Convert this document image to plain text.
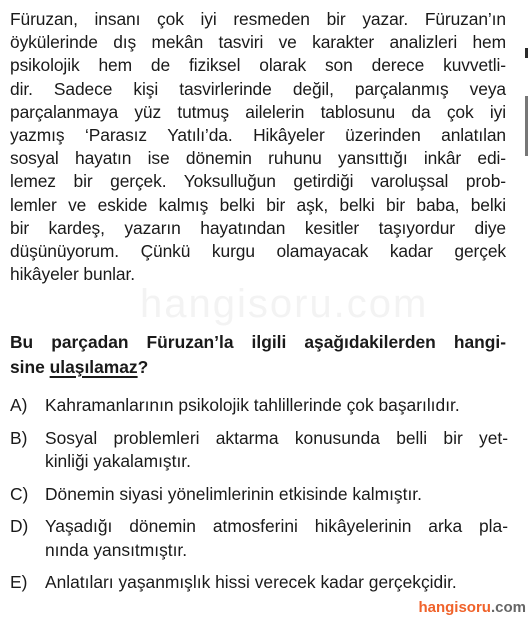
hangisoru.com
Füruzan, insanı çok iyi resmeden bir yazar. Füruzan’ın
öykülerinde dış mekân tasviri ve karakter analizleri hem
psikolojik hem de fiziksel olarak son derece kuvvetli-
dir. Sadece kişi tasvirlerinde değil, parçalanmış veya
parçalanmaya yüz tutmuş ailelerin tablosunu da çok iyi
yazmış ‘Parasız Yatılı’da. Hikâyeler üzerinden anlatılan
sosyal hayatın ise dönemin ruhunu yansıttığı inkâr edi-
lemez bir gerçek. Yoksulluğun getirdiği varoluşsal prob-
lemler ve eskide kalmış belki bir aşk, belki bir baba, belki
bir kardeş, yazarın hayatından kesitler taşıyordur diye
düşünüyorum. Çünkü kurgu olamayacak kadar gerçek
hikâyeler bunlar.
Bu parçadan Füruzan’la ilgili aşağıdakilerden hangi-
sine ulaşılamaz?
A)	Kahramanlarının psikolojik tahlillerinde çok başarılıdır.
B)	Sosyal problemleri aktarma konusunda belli bir yet-
kinliği yakalamıştır.
C) Dönemin siyasi yönelimlerinin etkisinde kalmıştır.
D) Yaşadığı dönemin atmosferini hikâyelerinin arka pla-
nında yansıtmıştır.
E)	Anlatıları yaşanmışlık hissi verecek kadar gerçekçidir.
hangisoru.com
